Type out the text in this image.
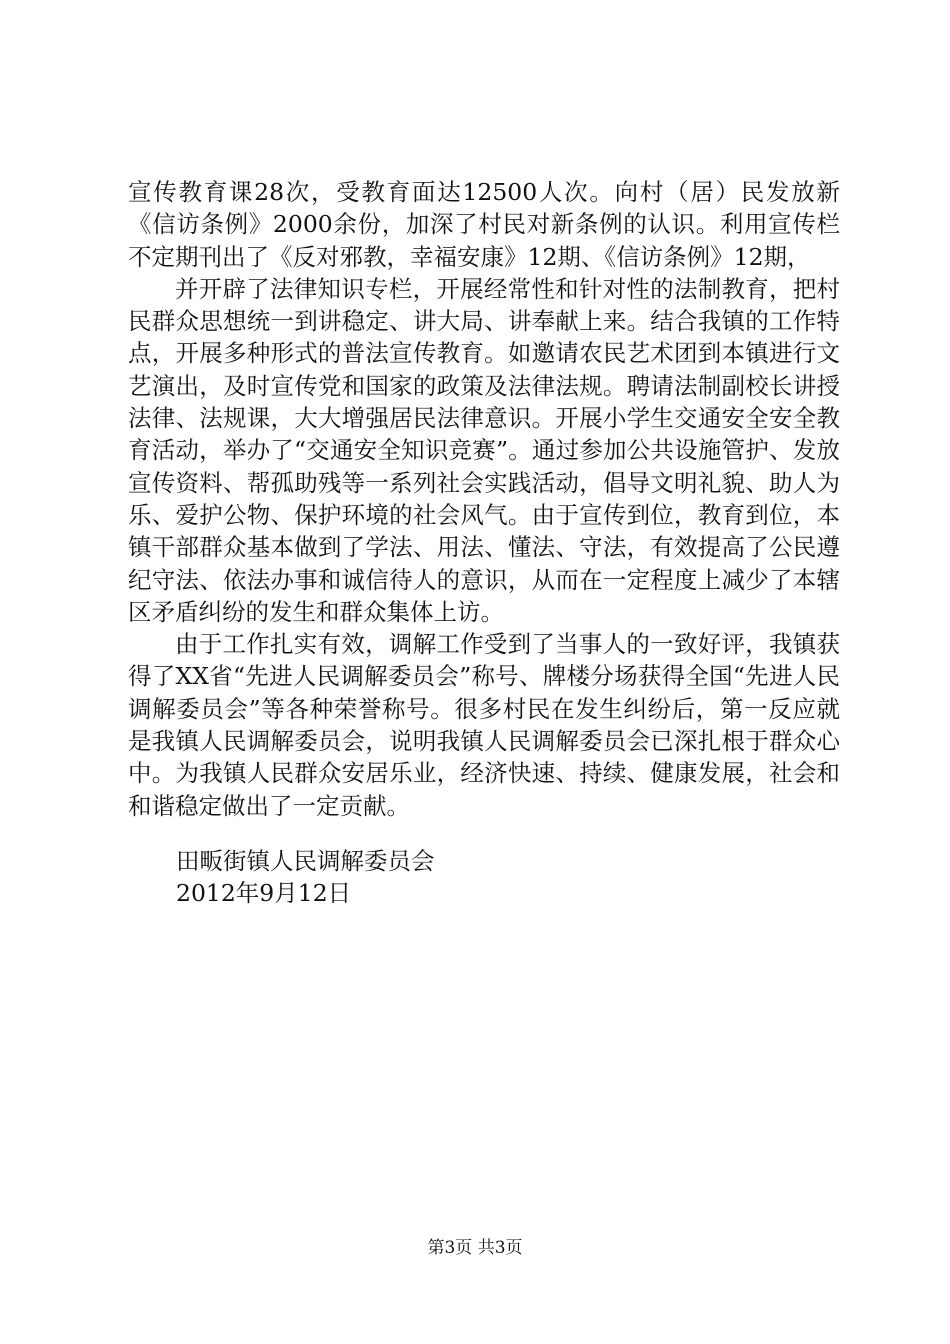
宣传教育课28次，受教育面达12500人次。向村（居）民发放新《信访条例》2000余份，加深了村民对新条例的认识。利用宣传栏不定期刊出了《反对邪教，幸福安康》12期、《信访条例》12期，

并开辟了法律知识专栏，开展经常性和针对性的法制教育，把村民群众思想统一到讲稳定、讲大局、讲奉献上来。结合我镇的工作特点，开展多种形式的普法宣传教育。如邀请农民艺术团到本镇进行文艺演出，及时宣传党和国家的政策及法律法规。聘请法制副校长讲授法律、法规课，大大增强居民法律意识。开展小学生交通安全安全教育活动，举办了“交通安全知识竞赛”。通过参加公共设施管护、发放宣传资料、帮孤助残等一系列社会实践活动，倡导文明礼貌、助人为乐、爱护公物、保护环境的社会风气。由于宣传到位，教育到位，本镇干部群众基本做到了学法、用法、懂法、守法，有效提高了公民遵纪守法、依法办事和诚信待人的意识，从而在一定程度上减少了本辖区矛盾纠纷的发生和群众集体上访。

由于工作扎实有效，调解工作受到了当事人的一致好评，我镇获得了XX省“先进人民调解委员会”称号、牌楼分场获得全国“先进人民调解委员会”等各种荣誉称号。很多村民在发生纠纷后，第一反应就是我镇人民调解委员会，说明我镇人民调解委员会已深扎根于群众心中。为我镇人民群众安居乐业，经济快速、持续、健康发展，社会和和谐稳定做出了一定贡献。

田畈街镇人民调解委员会

2012年9月12日

第3页 共3页
